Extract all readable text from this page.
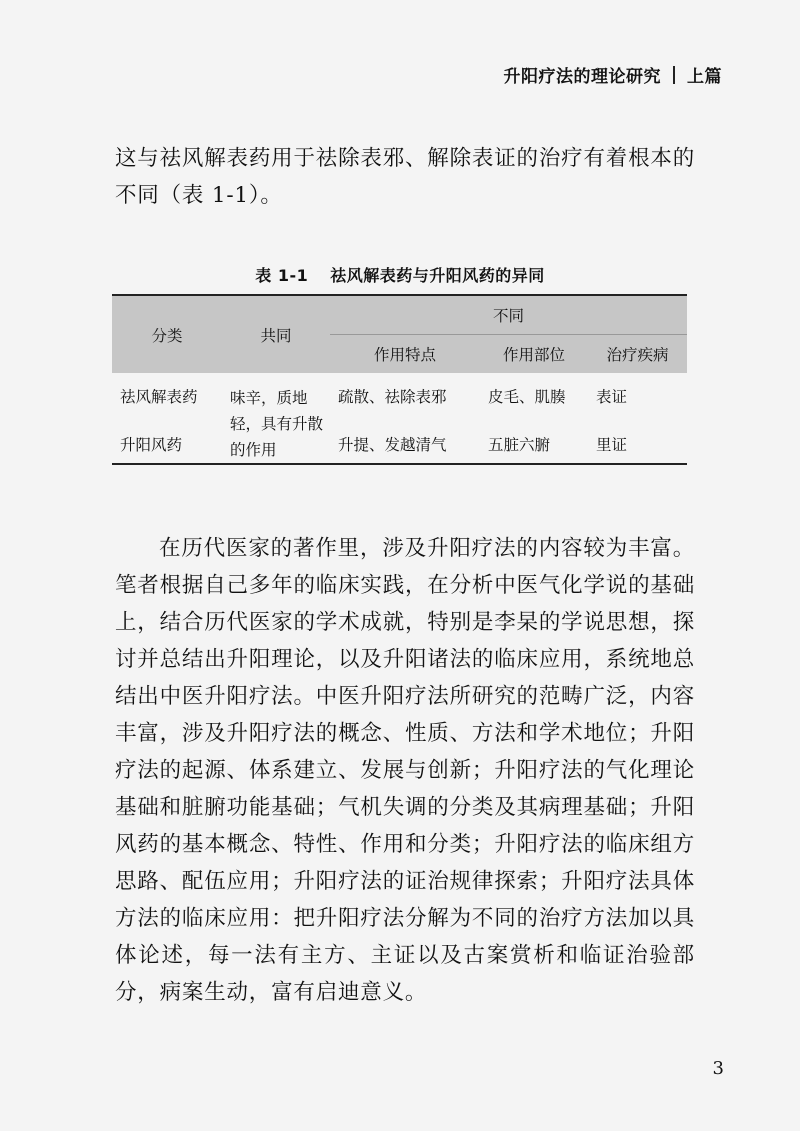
升阳疗法的理论研究 上篇

这与祛风解表药用于祛除表邪、解除表证的治疗有着根本的不同（表 1-1）。

表 1-1 祛风解表药与升阳风药的异同
分类	共同	不同		
		作用特点	作用部位	治疗疾病
祛风解表药	味辛，质地轻，具有升散的作用	疏散、祛除表邪	皮毛、肌腠	表证
升阳风药		升提、发越清气	五脏六腑	里证

在历代医家的著作里，涉及升阳疗法的内容较为丰富。笔者根据自己多年的临床实践，在分析中医气化学说的基础上，结合历代医家的学术成就，特别是李杲的学说思想，探讨并总结出升阳理论，以及升阳诸法的临床应用，系统地总结出中医升阳疗法。中医升阳疗法所研究的范畴广泛，内容丰富，涉及升阳疗法的概念、性质、方法和学术地位；升阳疗法的起源、体系建立、发展与创新；升阳疗法的气化理论基础和脏腑功能基础；气机失调的分类及其病理基础；升阳风药的基本概念、特性、作用和分类；升阳疗法的临床组方思路、配伍应用；升阳疗法的证治规律探索；升阳疗法具体方法的临床应用：把升阳疗法分解为不同的治疗方法加以具体论述，每一法有主方、主证以及古案赏析和临证治验部分，病案生动，富有启迪意义。

3
